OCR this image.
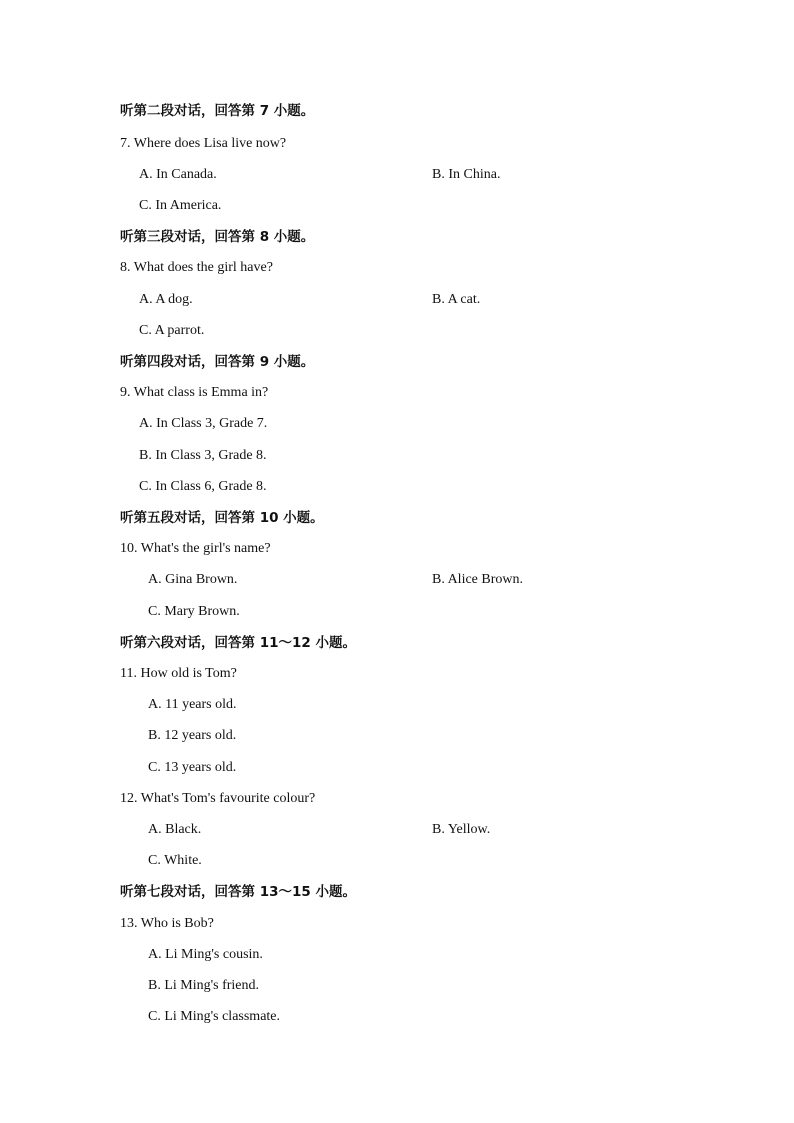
听第二段对话，回答第 7 小题。
7. Where does Lisa live now?
A. In Canada.	B. In China.
C. In America.
听第三段对话，回答第 8 小题。
8. What does the girl have?
A. A dog.	B. A cat.
C. A parrot.
听第四段对话，回答第 9 小题。
9. What class is Emma in?
A. In Class 3, Grade 7.
B. In Class 3, Grade 8.
C. In Class 6, Grade 8.
听第五段对话，回答第 10 小题。
10. What's the girl's name?
A. Gina Brown.	B. Alice Brown.
C. Mary Brown.
听第六段对话，回答第 11～12 小题。
11. How old is Tom?
A. 11 years old.
B. 12 years old.
C. 13 years old.
12. What's Tom's favourite colour?
A. Black.	B. Yellow.
C. White.
听第七段对话，回答第 13～15 小题。
13. Who is Bob?
A. Li Ming's cousin.
B. Li Ming's friend.
C. Li Ming's classmate.
